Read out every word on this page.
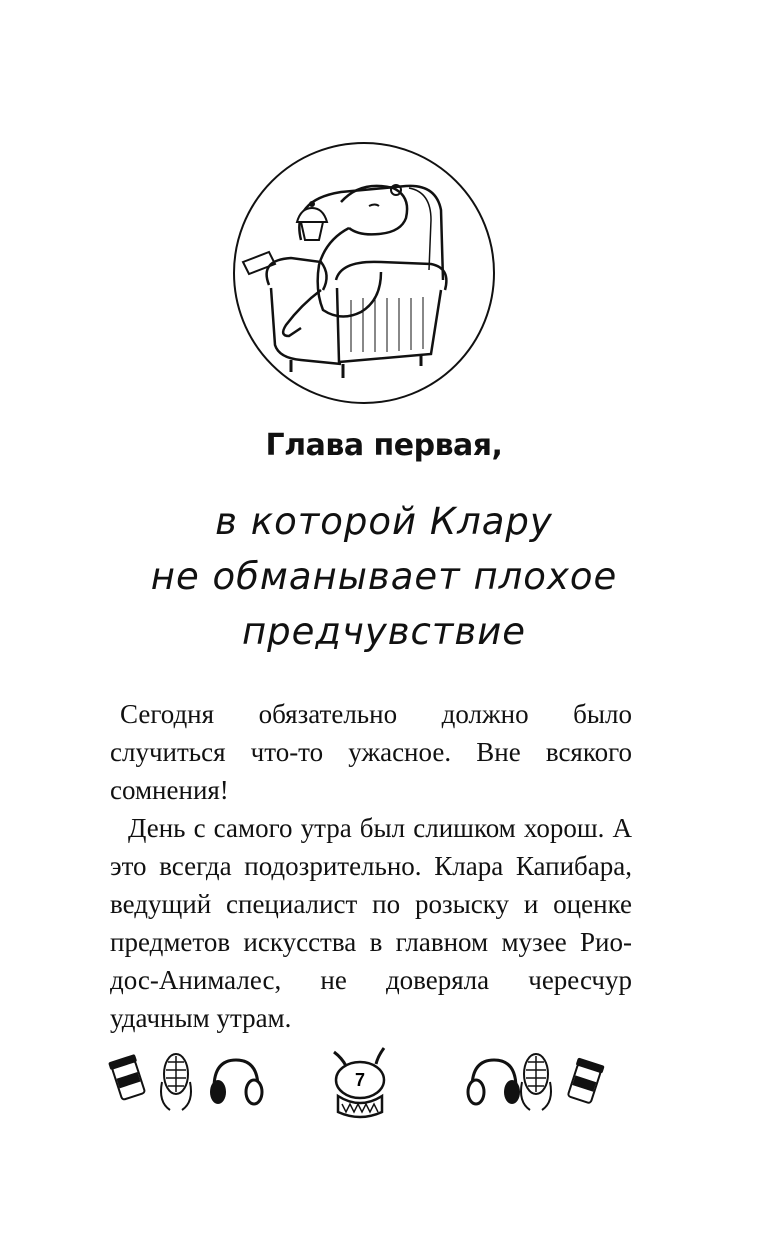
Глава первая,
в которой Клару
не обманывает плохое
предчувствие

Сегодня обязательно должно было случиться что-то ужасное. Вне всякого сомнения!

День с самого утра был слишком хорош. А это всегда подозрительно. Клара Капибара, ведущий специалист по розыску и оценке предметов искусства в главном музее Рио-дос-Анималес, не доверяла чересчур удачным утрам.

7
